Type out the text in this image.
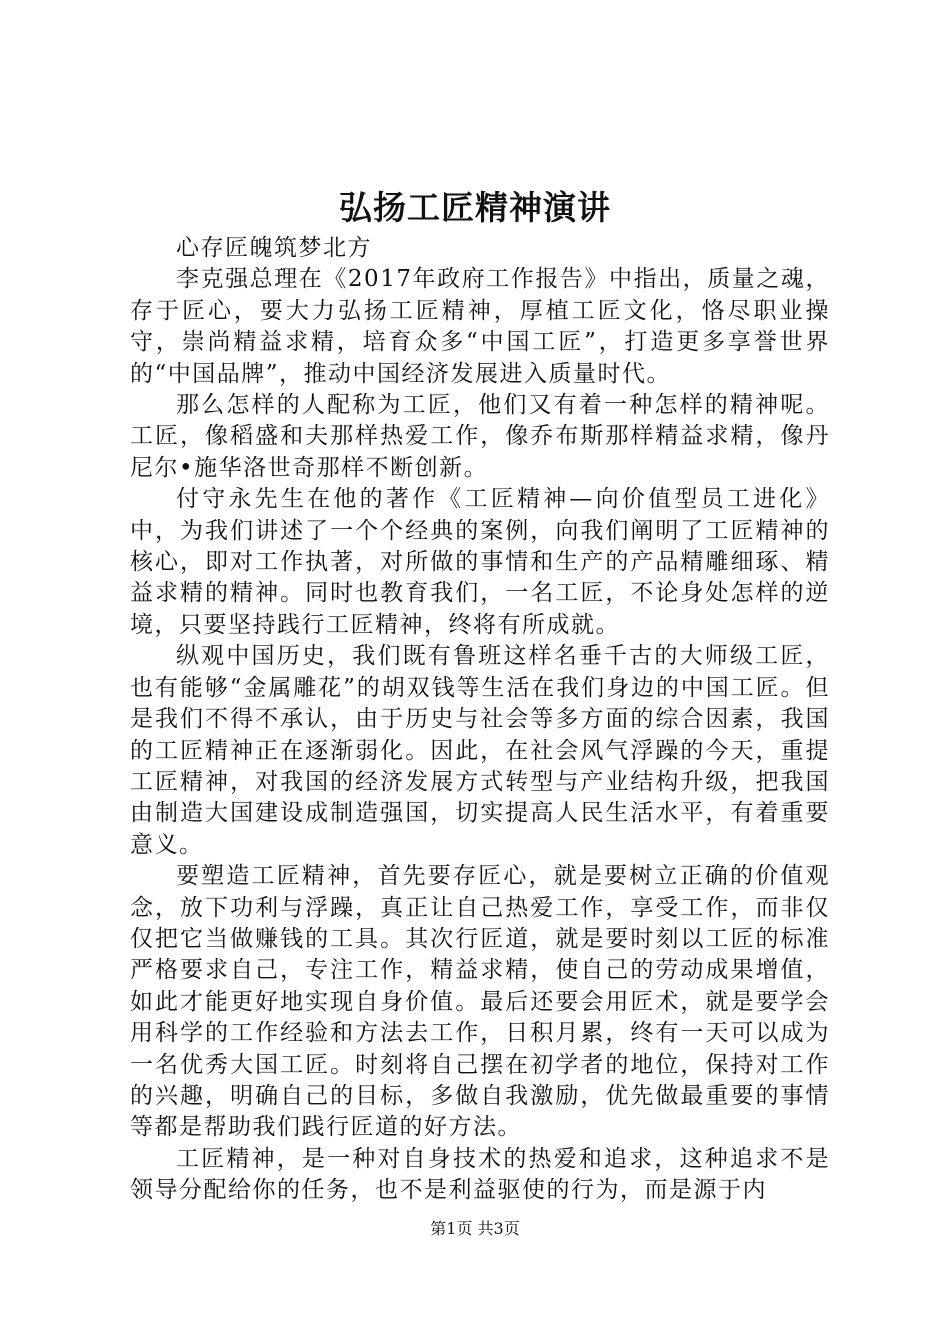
弘扬工匠精神演讲

心存匠魄筑梦北方

李克强总理在《2017年政府工作报告》中指出，质量之魂，存于匠心，要大力弘扬工匠精神，厚植工匠文化，恪尽职业操守，崇尚精益求精，培育众多“中国工匠”，打造更多享誉世界的“中国品牌”，推动中国经济发展进入质量时代。

那么怎样的人配称为工匠，他们又有着一种怎样的精神呢。工匠，像稻盛和夫那样热爱工作，像乔布斯那样精益求精，像丹尼尔•施华洛世奇那样不断创新。

付守永先生在他的著作《工匠精神—向价值型员工进化》中，为我们讲述了一个个经典的案例，向我们阐明了工匠精神的核心，即对工作执著，对所做的事情和生产的产品精雕细琢、精益求精的精神。同时也教育我们，一名工匠，不论身处怎样的逆境，只要坚持践行工匠精神，终将有所成就。

纵观中国历史，我们既有鲁班这样名垂千古的大师级工匠，也有能够“金属雕花”的胡双钱等生活在我们身边的中国工匠。但是我们不得不承认，由于历史与社会等多方面的综合因素，我国的工匠精神正在逐渐弱化。因此，在社会风气浮躁的今天，重提工匠精神，对我国的经济发展方式转型与产业结构升级，把我国由制造大国建设成制造强国，切实提高人民生活水平，有着重要意义。

要塑造工匠精神，首先要存匠心，就是要树立正确的价值观念，放下功利与浮躁，真正让自己热爱工作，享受工作，而非仅仅把它当做赚钱的工具。其次行匠道，就是要时刻以工匠的标准严格要求自己，专注工作，精益求精，使自己的劳动成果增值，如此才能更好地实现自身价值。最后还要会用匠术，就是要学会用科学的工作经验和方法去工作，日积月累，终有一天可以成为一名优秀大国工匠。时刻将自己摆在初学者的地位，保持对工作的兴趣，明确自己的目标，多做自我激励，优先做最重要的事情等都是帮助我们践行匠道的好方法。

工匠精神，是一种对自身技术的热爱和追求，这种追求不是领导分配给你的任务，也不是利益驱使的行为，而是源于内

第1页 共3页
